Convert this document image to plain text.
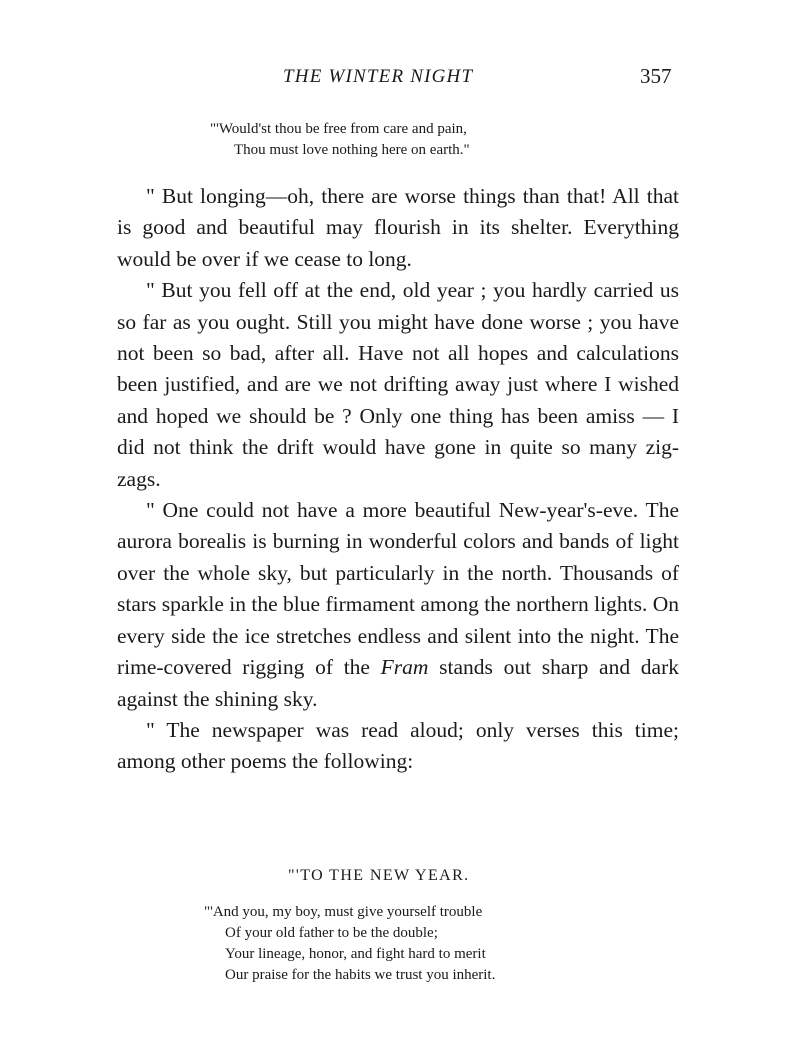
THE WINTER NIGHT	357
"'Would'st thou be free from care and pain,
Thou must love nothing here on earth."

" But longing—oh, there are worse things than that! All that is good and beautiful may flourish in its shelter. Everything would be over if we cease to long.

" But you fell off at the end, old year ; you hardly carried us so far as you ought. Still you might have done worse ; you have not been so bad, after all. Have not all hopes and calculations been justified, and are we not drifting away just where I wished and hoped we should be ? Only one thing has been amiss — I did not think the drift would have gone in quite so many zig-zags.

" One could not have a more beautiful New-year's-eve. The aurora borealis is burning in wonderful colors and bands of light over the whole sky, but particularly in the north. Thousands of stars sparkle in the blue firmament among the northern lights. On every side the ice stretches endless and silent into the night. The rime-covered rigging of the Fram stands out sharp and dark against the shining sky.

" The newspaper was read aloud; only verses this time; among other poems the following:

"'TO THE NEW YEAR.
"'And you, my boy, must give yourself trouble
Of your old father to be the double;
Your lineage, honor, and fight hard to merit
Our praise for the habits we trust you inherit.
